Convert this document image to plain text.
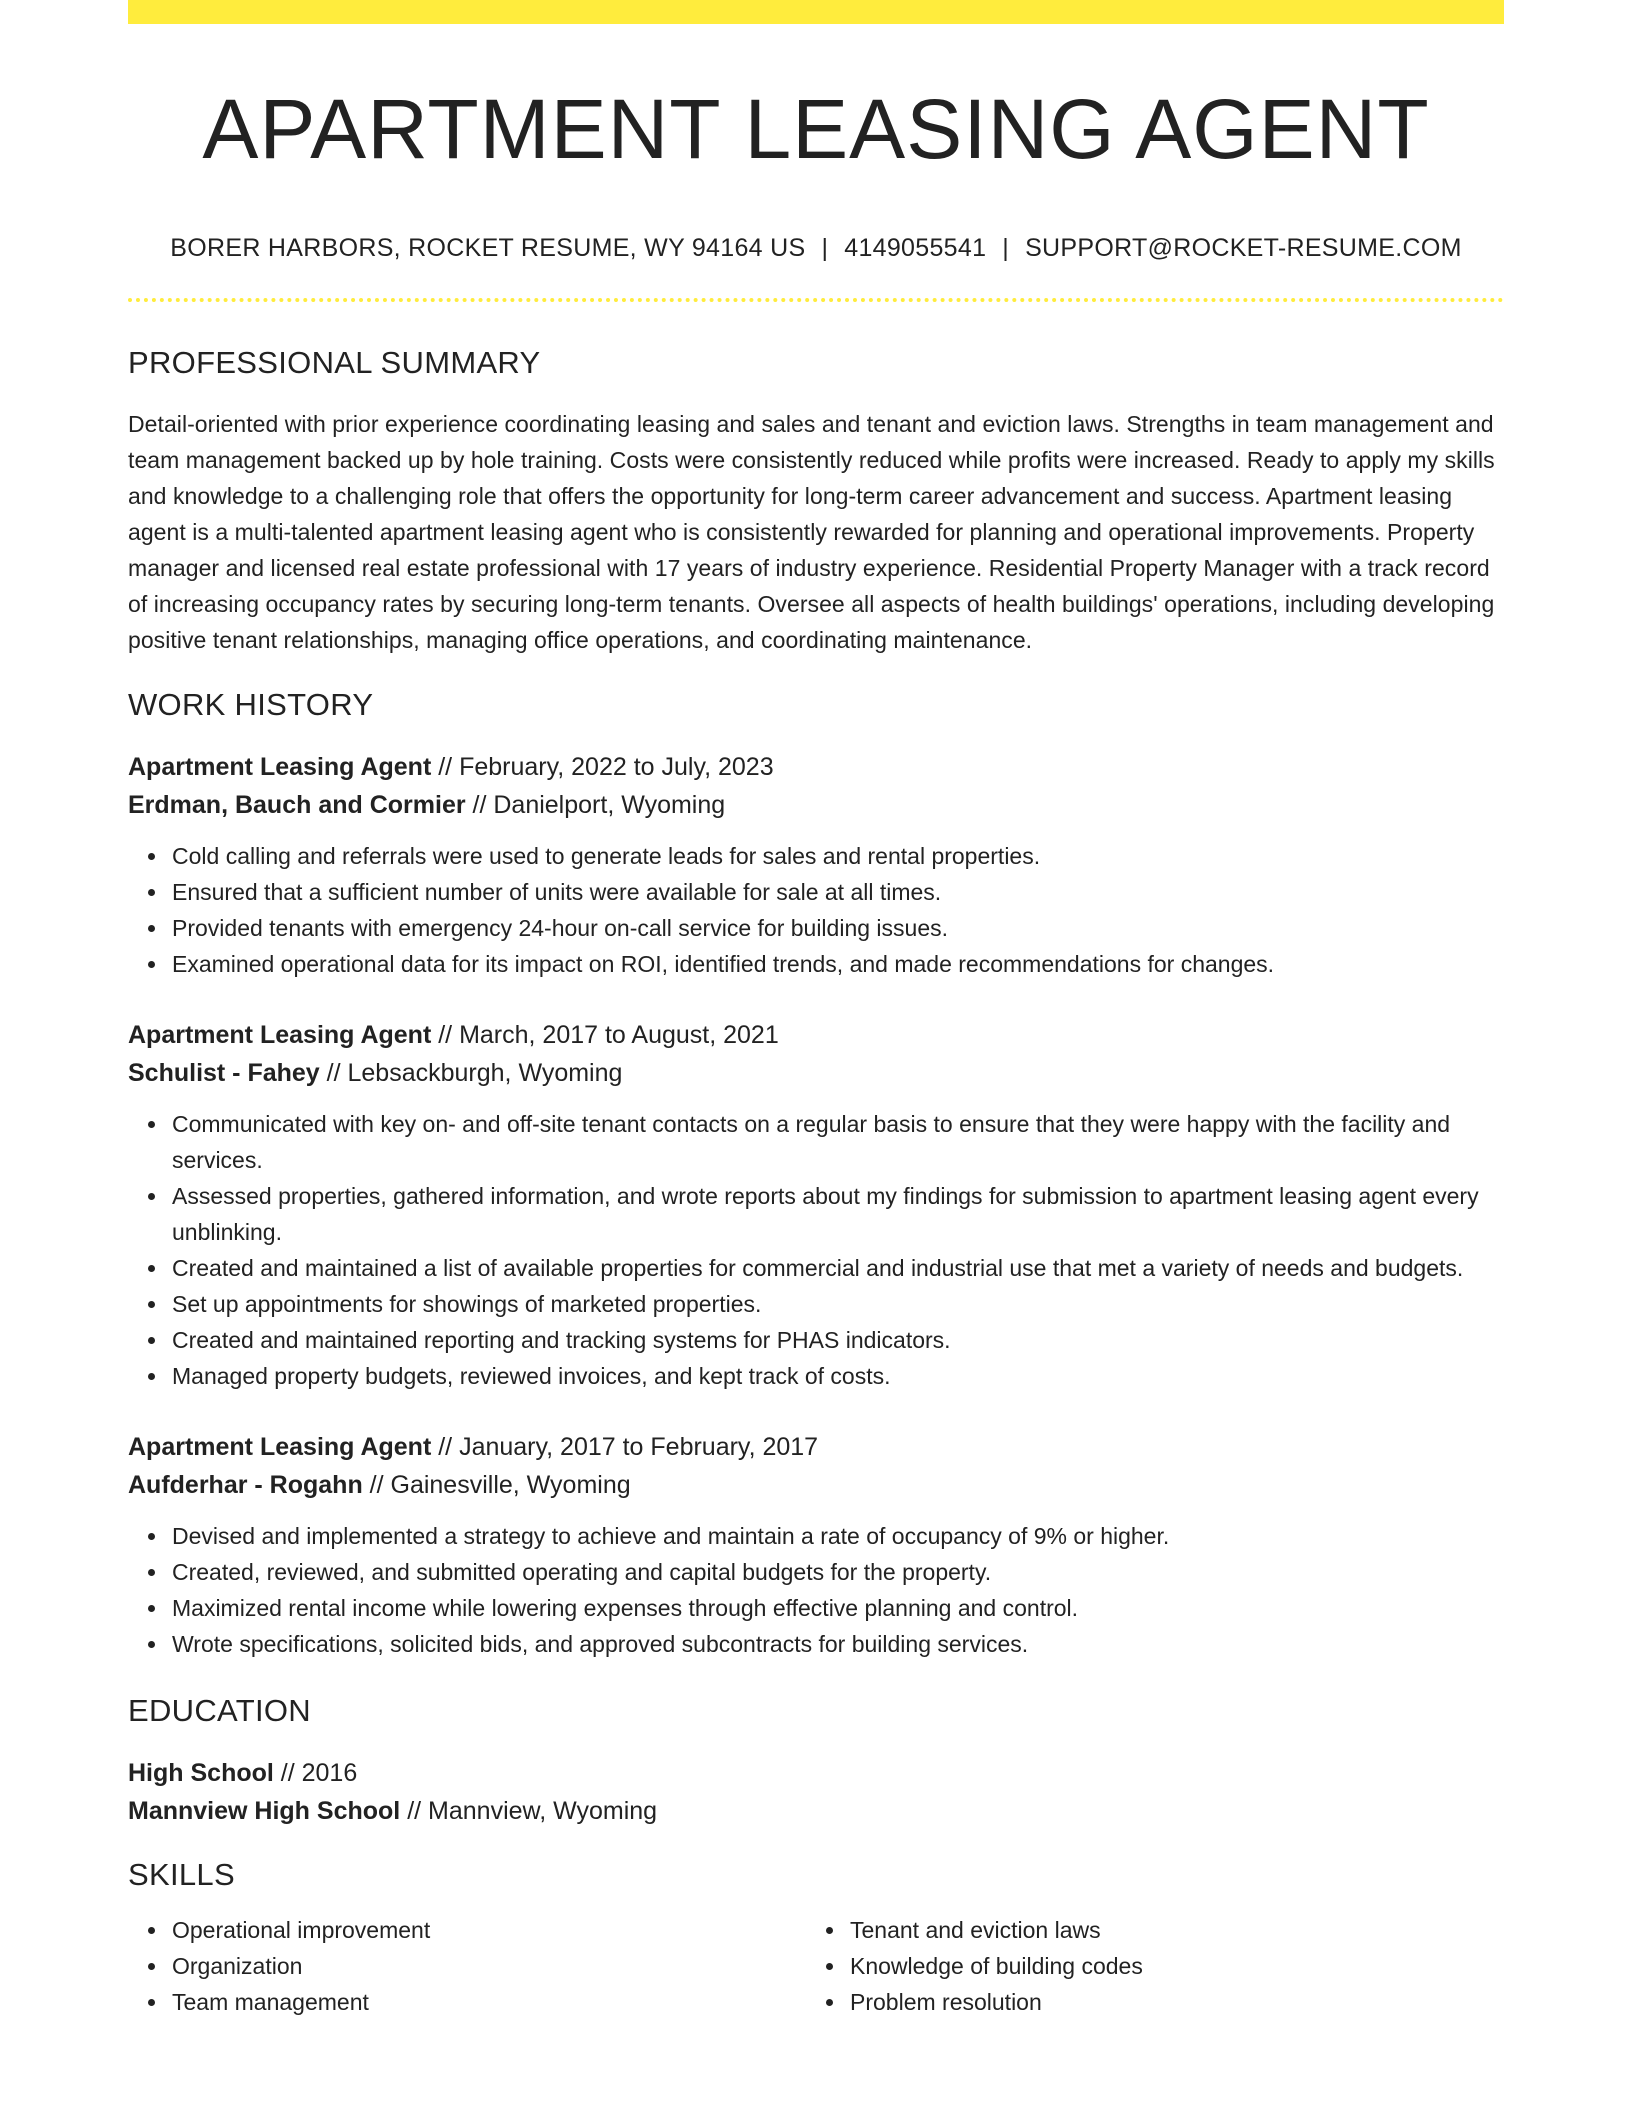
APARTMENT LEASING AGENT
BORER HARBORS, ROCKET RESUME, WY 94164 US | 4149055541 | SUPPORT@ROCKET-RESUME.COM
PROFESSIONAL SUMMARY

Detail-oriented with prior experience coordinating leasing and sales and tenant and eviction laws. Strengths in team management and team management backed up by hole training. Costs were consistently reduced while profits were increased. Ready to apply my skills and knowledge to a challenging role that offers the opportunity for long-term career advancement and success. Apartment leasing agent is a multi-talented apartment leasing agent who is consistently rewarded for planning and operational improvements. Property manager and licensed real estate professional with 17 years of industry experience. Residential Property Manager with a track record of increasing occupancy rates by securing long-term tenants. Oversee all aspects of health buildings' operations, including developing positive tenant relationships, managing office operations, and coordinating maintenance.

WORK HISTORY
Apartment Leasing Agent // February, 2022 to July, 2023
Erdman, Bauch and Cormier // Danielport, Wyoming
Cold calling and referrals were used to generate leads for sales and rental properties.
Ensured that a sufficient number of units were available for sale at all times.
Provided tenants with emergency 24-hour on-call service for building issues.
Examined operational data for its impact on ROI, identified trends, and made recommendations for changes.
Apartment Leasing Agent // March, 2017 to August, 2021
Schulist - Fahey // Lebsackburgh, Wyoming
Communicated with key on- and off-site tenant contacts on a regular basis to ensure that they were happy with the facility and services.
Assessed properties, gathered information, and wrote reports about my findings for submission to apartment leasing agent every unblinking.
Created and maintained a list of available properties for commercial and industrial use that met a variety of needs and budgets.
Set up appointments for showings of marketed properties.
Created and maintained reporting and tracking systems for PHAS indicators.
Managed property budgets, reviewed invoices, and kept track of costs.
Apartment Leasing Agent // January, 2017 to February, 2017
Aufderhar - Rogahn // Gainesville, Wyoming
Devised and implemented a strategy to achieve and maintain a rate of occupancy of 9% or higher.
Created, reviewed, and submitted operating and capital budgets for the property.
Maximized rental income while lowering expenses through effective planning and control.
Wrote specifications, solicited bids, and approved subcontracts for building services.
EDUCATION
High School // 2016
Mannview High School // Mannview, Wyoming
SKILLS
Operational improvement
Organization
Team management
Tenant and eviction laws
Knowledge of building codes
Problem resolution
